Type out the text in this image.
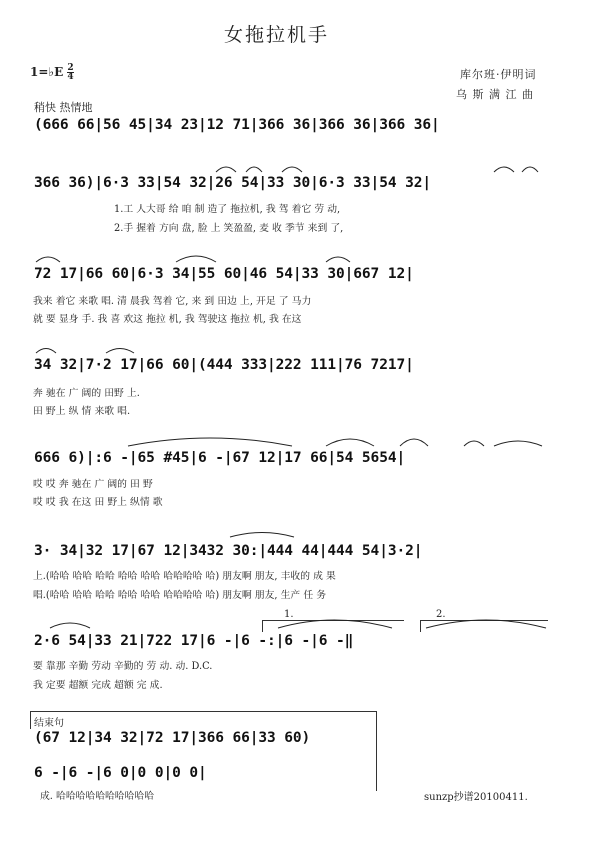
女拖拉机手
1=♭E $\frac{2}{4}$	库尔班·伊明词
乌 斯 满 江 曲
稍快 热情地
(666 66|56 45|34 23|12 71|366 36|366 36|366 36|
366 36)|6·3 33|54 32|26 54|33 30|6·3 33|54 32|
1.工 人大哥 给 咱 制 造了 拖拉机, 我 驾 着它 劳 动,
2.手 握着 方向 盘, 脸 上 笑盈盈, 麦 收 季节 来到 了,
72 17|66 60|6·3 34|55 60|46 54|33 30|667 12|
我来 着它 来歌 唱. 清 晨我 驾着 它, 来 到 田边 上, 开足 了 马力
就 要 显身 手. 我 喜 欢这 拖拉 机, 我 驾驶这 拖拉 机, 我 在这
34 32|7·2 17|66 60|(444 333|222 111|76 7217|
奔 驰在 广 阔的 田野 上.
田 野上 纵 情 来歌 唱.
666 6)|:6 -|65 #45|6 -|67 12|17 66|54 5654|
哎 哎 奔 驰在 广 阔的 田 野
哎 哎 我 在这 田 野上 纵情 歌
3· 34|32 17|67 12|3432 30:|444 44|444 54|3·2|
上.(哈哈 哈哈 哈哈 哈哈 哈哈 哈哈哈哈 哈) 朋友啊 朋友, 丰收的 成 果
唱.(哈哈 哈哈 哈哈 哈哈 哈哈 哈哈哈哈 哈) 朋友啊 朋友, 生产 任 务
2·6 54|33 21|722 17|6 -|6 -:|6 -|6 -‖
要 靠那 辛勤 劳动 辛勤的 劳 动. 动. D.C.
我 定要 超额 完成 超额 完 成.
结束句
(67 12|34 32|72 17|366 66|33 60)
6 -|6 -|6 0|0 0|0 0|
成. 哈哈哈哈哈哈哈哈哈哈	sunzp抄谱20100411.
1.	2.
